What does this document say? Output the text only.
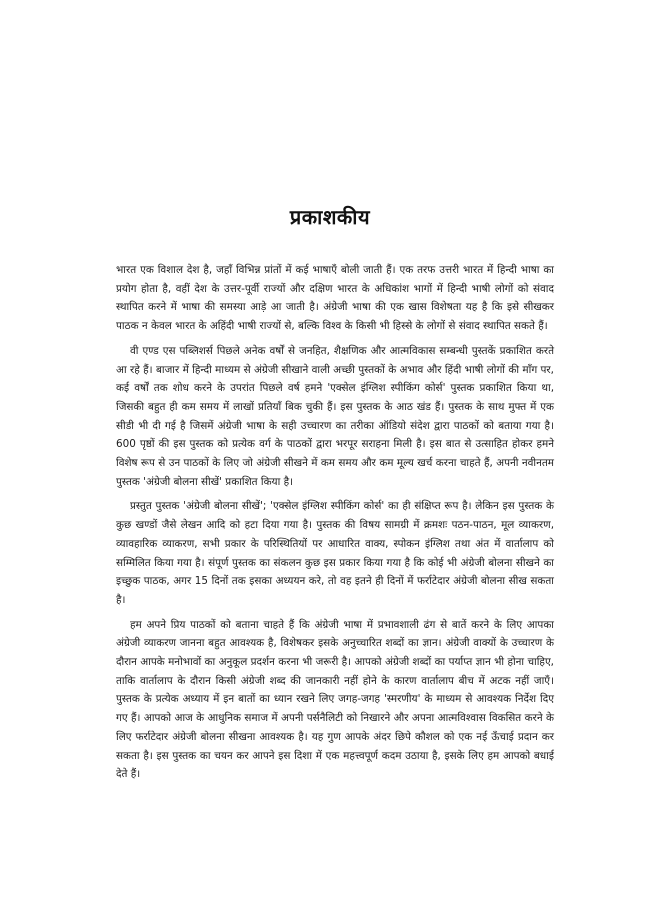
प्रकाशकीय

भारत एक विशाल देश है, जहाँ विभिन्न प्रांतों में कई भाषाएँ बोली जाती हैं। एक तरफ उत्तरी भारत में हिन्दी भाषा का प्रयोग होता है, वहीं देश के उत्तर-पूर्वी राज्यों और दक्षिण भारत के अधिकांश भागों में हिन्दी भाषी लोगों को संवाद स्थापित करने में भाषा की समस्या आड़े आ जाती है। अंग्रेजी भाषा की एक खास विशेषता यह है कि इसे सीखकर पाठक न केवल भारत के अहिंदी भाषी राज्यों से, बल्कि विश्व के किसी भी हिस्से के लोगों से संवाद स्थापित सकते हैं।

वी एण्ड एस पब्लिशर्स पिछले अनेक वर्षों से जनहित, शैक्षणिक और आत्मविकास सम्बन्धी पुस्तकें प्रकाशित करते आ रहे हैं। बाजार में हिन्दी माध्यम से अंग्रेजी सीखाने वाली अच्छी पुस्तकों के अभाव और हिंदी भाषी लोगों की माँग पर, कई वर्षों तक शोध करने के उपरांत पिछले वर्ष हमने 'एक्सेल इंग्लिश स्पीकिंग कोर्स' पुस्तक प्रकाशित किया था, जिसकी बहुत ही कम समय में लाखों प्रतियाँ बिक चुकी हैं। इस पुस्तक के आठ खंड हैं। पुस्तक के साथ मुफ्त में एक सीडी भी दी गई है जिसमें अंग्रेजी भाषा के सही उच्चारण का तरीका ऑडियो संदेश द्वारा पाठकों को बताया गया है। 600 पृष्ठों की इस पुस्तक को प्रत्येक वर्ग के पाठकों द्वारा भरपूर सराहना मिली है। इस बात से उत्साहित होकर हमने विशेष रूप से उन पाठकों के लिए जो अंग्रेजी सीखने में कम समय और कम मूल्य खर्च करना चाहते हैं, अपनी नवीनतम पुस्तक 'अंग्रेजी बोलना सीखें' प्रकाशित किया है।

प्रस्तुत पुस्तक 'अंग्रेजी बोलना सीखें'; 'एक्सेल इंग्लिश स्पीकिंग कोर्स' का ही संक्षिप्त रूप है। लेकिन इस पुस्तक के कुछ खण्डों जैसे लेखन आदि को हटा दिया गया है। पुस्तक की विषय सामग्री में क्रमशः पठन-पाठन, मूल व्याकरण, व्यावहारिक व्याकरण, सभी प्रकार के परिस्थितियों पर आधारित वाक्य, स्पोकन इंग्लिश तथा अंत में वार्तालाप को सम्मिलित किया गया है। संपूर्ण पुस्तक का संकलन कुछ इस प्रकार किया गया है कि कोई भी अंग्रेजी बोलना सीखने का इच्छुक पाठक, अगर 15 दिनों तक इसका अध्ययन करे, तो वह इतने ही दिनों में फर्राटेदार अंग्रेजी बोलना सीख सकता है।

हम अपने प्रिय पाठकों को बताना चाहते हैं कि अंग्रेजी भाषा में प्रभावशाली ढंग से बातें करने के लिए आपका अंग्रेजी व्याकरण जानना बहुत आवश्यक है, विशेषकर इसके अनुच्चारित शब्दों का ज्ञान। अंग्रेजी वाक्यों के उच्चारण के दौरान आपके मनोभावों का अनुकूल प्रदर्शन करना भी जरूरी है। आपको अंग्रेजी शब्दों का पर्याप्त ज्ञान भी होना चाहिए, ताकि वार्तालाप के दौरान किसी अंग्रेजी शब्द की जानकारी नहीं होने के कारण वार्तालाप बीच में अटक नहीं जाएँ। पुस्तक के प्रत्येक अध्याय में इन बातों का ध्यान रखने लिए जगह-जगह 'स्मरणीय' के माध्यम से आवश्यक निर्देश दिए गए हैं। आपको आज के आधुनिक समाज में अपनी पर्सनैलिटी को निखारने और अपना आत्मविश्वास विकसित करने के लिए फर्राटेदार अंग्रेजी बोलना सीखना आवश्यक है। यह गुण आपके अंदर छिपे कौशल को एक नई ऊँचाई प्रदान कर सकता है। इस पुस्तक का चयन कर आपने इस दिशा में एक महत्त्वपूर्ण कदम उठाया है, इसके लिए हम आपको बधाई देते हैं।
